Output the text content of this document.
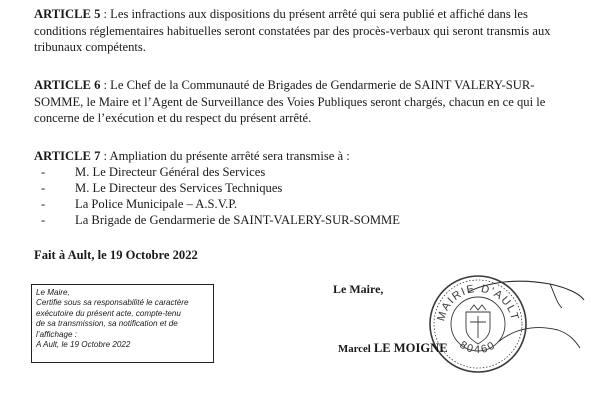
ARTICLE 5 : Les infractions aux dispositions du présent arrêté qui sera publié et affiché dans les conditions réglementaires habituelles seront constatées par des procès-verbaux qui seront transmis aux tribunaux compétents.

ARTICLE 6 : Le Chef de la Communauté de Brigades de Gendarmerie de SAINT VALERY-SUR-SOMME, le Maire et l’Agent de Surveillance des Voies Publiques seront chargés, chacun en ce qui le concerne de l’exécution et du respect du présent arrêté.

ARTICLE 7 : Ampliation du présente arrêté sera transmise à :

- M. Le Directeur Général des Services
- M. Le Directeur des Services Techniques
- La Police Municipale – A.S.V.P.
- La Brigade de Gendarmerie de SAINT-VALERY-SUR-SOMME

Fait à Ault, le 19 Octobre 2022

Le Maire,
Certifie sous sa responsabilité le caractère
exécutoire du présent acte, compte-tenu
de sa transmission, sa notification et de
l’affichage :
A Ault, le 19 Octobre 2022
MAIRIE D'AULT
80460

Le Maire,

Marcel LE MOIGNE
